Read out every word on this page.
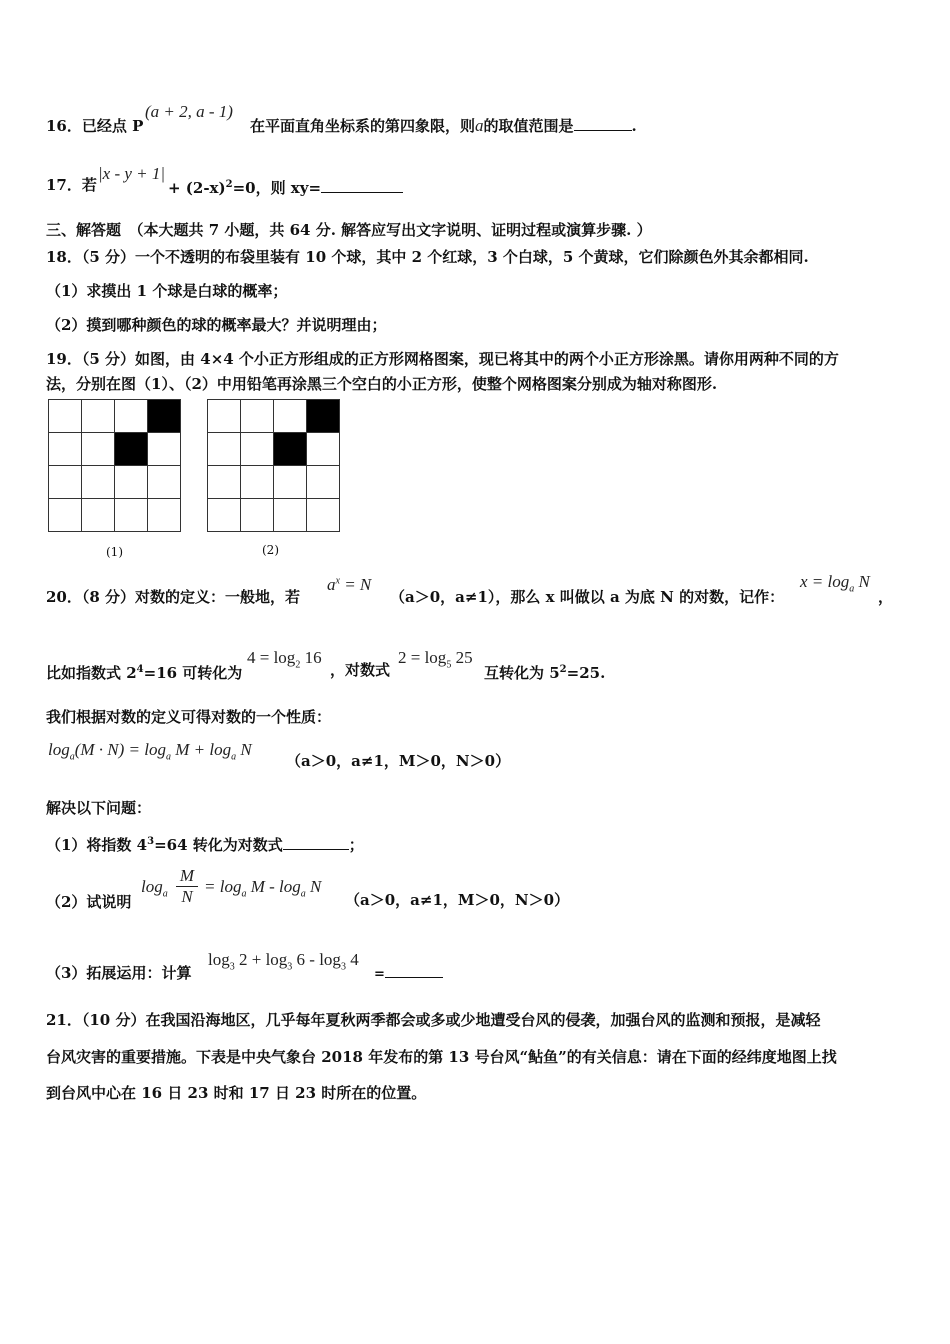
16．已经点 P
(a + 2, a - 1)
在平面直角坐标系的第四象限，则a的取值范围是	.
17．若
|x - y + 1|
+ $(2-x)^2=0$，则 xy=
三、解答题　（本大题共 7 小题，共 64 分. 解答应写出文字说明、证明过程或演算步骤. ）
18．（5 分）一个不透明的布袋里装有 10 个球，其中 2 个红球，3 个白球，5 个黄球，它们除颜色外其余都相同.
（1）求摸出 1 个球是白球的概率；
（2）摸到哪种颜色的球的概率最大？并说明理由；
19．（5 分）如图，由 4×4 个小正方形组成的正方形网格图案，现已将其中的两个小正方形涂黑。请你用两种不同的方
法，分别在图（1）、（2）中用铅笔再涂黑三个空白的小正方形，使整个网格图案分别成为轴对称图形.

(1)

				(2)
20．（8 分）对数的定义：一般地，若
$a^x = N$
（a＞0，a≠1），那么 x 叫做以 a 为底 N 的对数，记作：
$x = \log_a N$
，
比如指数式 $2^4=16$ 可转化为
$4 = \log_2 16$
，对数式
$2 = \log_5 25$
互转化为 $5^2=25$.
我们根据对数的定义可得对数的一个性质：
$\log_a(M \cdot N) = \log_a M + \log_a N$
（a＞0，a≠1，M＞0，N＞0）
解决以下问题：
（1）将指数 $4^3=64$ 转化为对数式	；
（2）试说明
$\log_a \frac{M}{N} = \log_a M - \log_a N$
（a＞0，a≠1，M＞0，N＞0）
（3）拓展运用：计算
$\log_3 2 + \log_3 6 - \log_3 4$
=
21．（10 分）在我国沿海地区，几乎每年夏秋两季都会或多或少地遭受台风的侵袭，加强台风的监测和预报，是减轻
台风灾害的重要措施。下表是中央气象台 2018 年发布的第 13 号台风“鲇鱼”的有关信息：请在下面的经纬度地图上找
到台风中心在 16 日 23 时和 17 日 23 时所在的位置。
